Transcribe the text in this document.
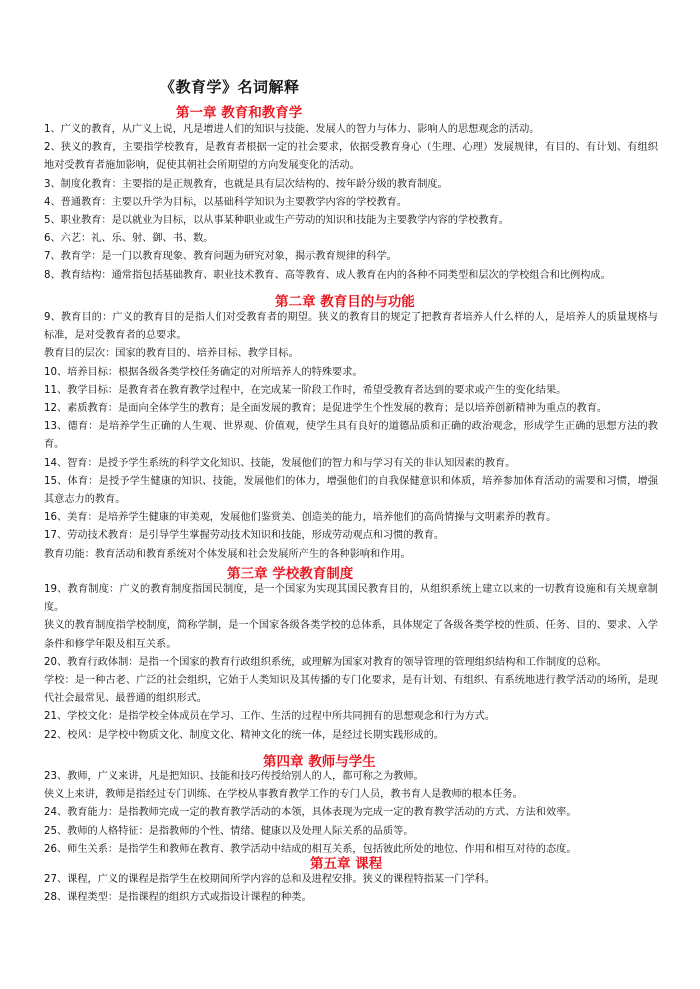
《教育学》名词解释
第一章 教育和教育学

1、广义的教育，从广义上说，凡是增进人们的知识与技能、发展人的智力与体力、影响人的思想观念的活动。

2、狭义的教育，主要指学校教育，是教育者根据一定的社会要求，依据受教育身心（生理、心理）发展规律，有目的、有计划、有组织地对受教育者施加影响，促使其朝社会所期望的方向发展变化的活动。

3、制度化教育：主要指的是正规教育，也就是具有层次结构的、按年龄分级的教育制度。

4、普通教育：主要以升学为目标，以基础科学知识为主要教学内容的学校教育。

5、职业教育：是以就业为目标，以从事某种职业或生产劳动的知识和技能为主要教学内容的学校教育。

6、六艺：礼、乐、射、御、书、数。

7、教育学：是一门以教育现象、教育问题为研究对象，揭示教育规律的科学。

8、教育结构：通常指包括基础教育、职业技术教育、高等教育、成人教育在内的各种不同类型和层次的学校组合和比例构成。

第二章 教育目的与功能

9、教育目的：广义的教育目的是指人们对受教育者的期望。狭义的教育目的规定了把教育者培养人什么样的人，是培养人的质量规格与标准，是对受教育者的总要求。

教育目的层次：国家的教育目的、培养目标、教学目标。

10、培养目标：根据各级各类学校任务确定的对所培养人的特殊要求。

11、教学目标：是教育者在教育教学过程中，在完成某一阶段工作时，希望受教育者达到的要求或产生的变化结果。

12、素质教育：是面向全体学生的教育；是全面发展的教育；是促进学生个性发展的教育；是以培养创新精神为重点的教育。

13、德育：是培养学生正确的人生观、世界观、价值观，使学生具有良好的道德品质和正确的政治观念，形成学生正确的思想方法的教育。

14、智育：是授予学生系统的科学文化知识、技能，发展他们的智力和与学习有关的非认知因素的教育。

15、体育：是授予学生健康的知识、技能，发展他们的体力，增强他们的自我保健意识和体质，培养参加体育活动的需要和习惯，增强其意志力的教育。

16、美育：是培养学生健康的审美观，发展他们鉴赏美、创造美的能力，培养他们的高尚情操与文明素养的教育。

17、劳动技术教育：是引导学生掌握劳动技术知识和技能，形成劳动观点和习惯的教育。

教育功能：教育活动和教育系统对个体发展和社会发展所产生的各种影响和作用。

第三章 学校教育制度

19、教育制度：广义的教育制度指国民制度，是一个国家为实现其国民教育目的，从组织系统上建立以来的一切教育设施和有关规章制度。

狭义的教育制度指学校制度，简称学制，是一个国家各级各类学校的总体系，具体规定了各级各类学校的性质、任务、目的、要求、入学条件和修学年限及相互关系。

20、教育行政体制：是指一个国家的教育行政组织系统，或理解为国家对教育的领导管理的管理组织结构和工作制度的总称。

学校：是一种古老、广泛的社会组织，它始于人类知识及其传播的专门化要求，是有计划、有组织、有系统地进行教学活动的场所，是现代社会最常见、最普通的组织形式。

21、学校文化：是指学校全体成员在学习、工作、生活的过程中所共同拥有的思想观念和行为方式。

22、校风：是学校中物质文化、制度文化、精神文化的统一体，是经过长期实践形成的。

第四章 教师与学生

23、教师，广义来讲，凡是把知识、技能和技巧传授给别人的人，都可称之为教师。

侠义上来讲，教师是指经过专门训练、在学校从事教育教学工作的专门人员，教书育人是教师的根本任务。

24、教育能力：是指教师完成一定的教育教学活动的本领，具体表现为完成一定的教育教学活动的方式、方法和效率。

25、教师的人格特征：是指教师的个性、情绪、健康以及处理人际关系的品质等。

26、师生关系：是指学生和教师在教育、教学活动中结成的相互关系，包括彼此所处的地位、作用和相互对待的态度。

第五章 课程

27、课程，广义的课程是指学生在校期间所学内容的总和及进程安排。狭义的课程特指某一门学科。

28、课程类型：是指课程的组织方式或指设计课程的种类。
